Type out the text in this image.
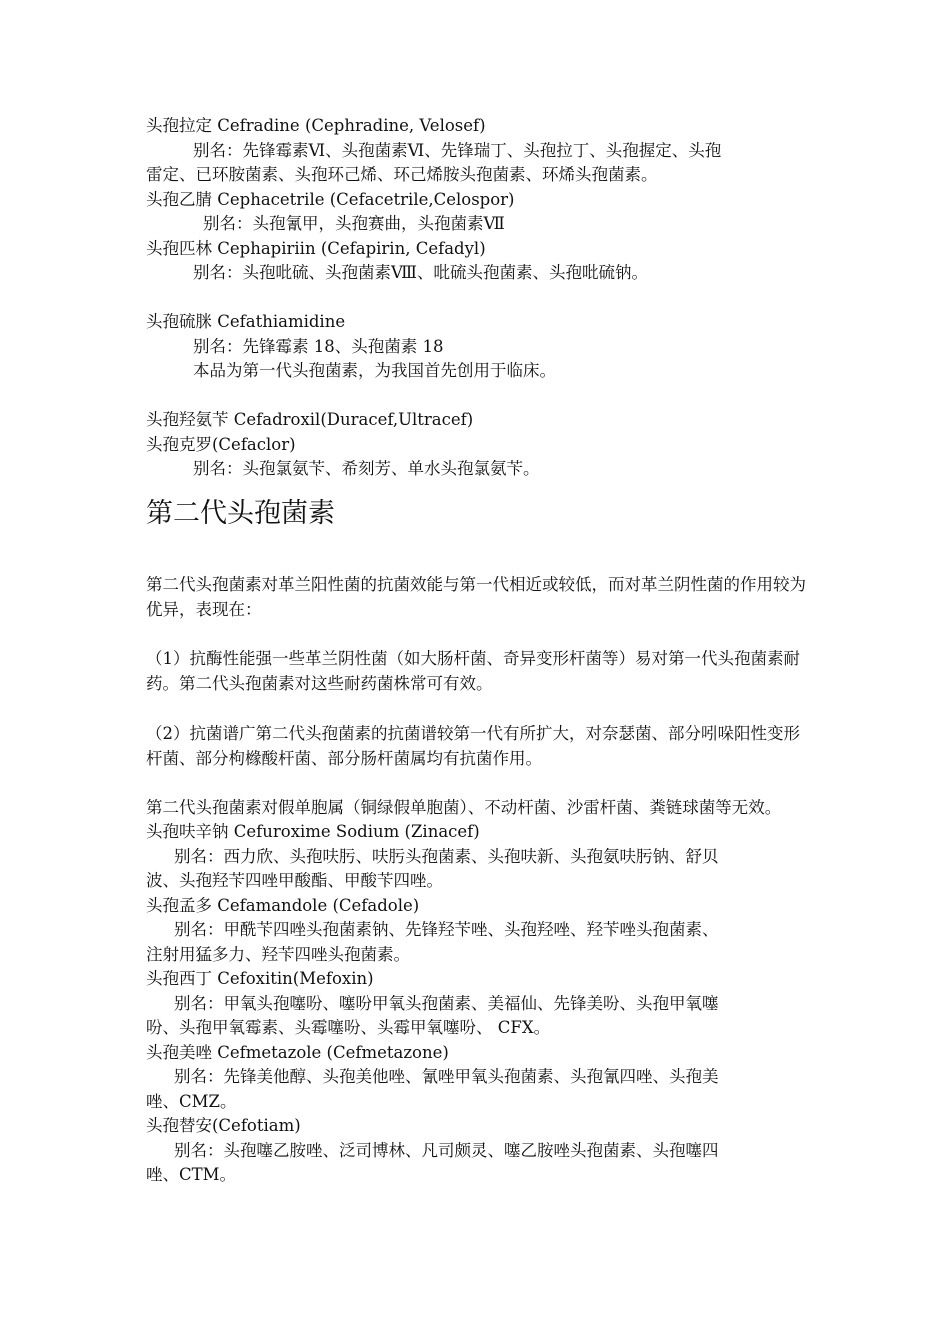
头孢拉定 Cefradine (Cephradine, Velosef)
别名：先锋霉素Ⅵ、头孢菌素Ⅵ、先锋瑞丁、头孢拉丁、头孢握定、头孢
雷定、已环胺菌素、头孢环己烯、环己烯胺头孢菌素、环烯头孢菌素。
头孢乙腈 Cephacetrile (Cefacetrile,Celospor)
别名：头孢氰甲，头孢赛曲，头孢菌素Ⅶ
头孢匹林 Cephapiriin (Cefapirin, Cefadyl)
别名：头孢吡硫、头孢菌素Ⅷ、吡硫头孢菌素、头孢吡硫钠。
头孢硫脒 Cefathiamidine
别名：先锋霉素 18、头孢菌素 18
本品为第一代头孢菌素，为我国首先创用于临床。
头孢羟氨苄 Cefadroxil(Duracef,Ultracef)
头孢克罗(Cefaclor)
别名：头孢氯氨苄、希刻芳、单水头孢氯氨苄。
第二代头孢菌素
第二代头孢菌素对革兰阳性菌的抗菌效能与第一代相近或较低，而对革兰阴性菌的作用较为优异，表现在：
（1）抗酶性能强一些革兰阴性菌（如大肠杆菌、奇异变形杆菌等）易对第一代头孢菌素耐药。第二代头孢菌素对这些耐药菌株常可有效。
（2）抗菌谱广第二代头孢菌素的抗菌谱较第一代有所扩大，对奈瑟菌、部分吲哚阳性变形杆菌、部分枸橼酸杆菌、部分肠杆菌属均有抗菌作用。
第二代头孢菌素对假单胞属（铜绿假单胞菌）、不动杆菌、沙雷杆菌、粪链球菌等无效。
头孢呋辛钠 Cefuroxime Sodium (Zinacef)
别名：西力欣、头孢呋肟、呋肟头孢菌素、头孢呋新、头孢氨呋肟钠、舒贝
波、头孢羟苄四唑甲酸酯、甲酸苄四唑。
头孢孟多 Cefamandole (Cefadole)
别名：甲酰苄四唑头孢菌素钠、先锋羟苄唑、头孢羟唑、羟苄唑头孢菌素、
注射用猛多力、羟苄四唑头孢菌素。
头孢西丁 Cefoxitin(Mefoxin)
别名：甲氧头孢噻吩、噻吩甲氧头孢菌素、美福仙、先锋美吩、头孢甲氧噻
吩、头孢甲氧霉素、头霉噻吩、头霉甲氧噻吩、 CFX。
头孢美唑 Cefmetazole (Cefmetazone)
别名：先锋美他醇、头孢美他唑、氰唑甲氧头孢菌素、头孢氰四唑、头孢美
唑、CMZ。
头孢替安(Cefotiam)
别名：头孢噻乙胺唑、泛司博林、凡司颇灵、噻乙胺唑头孢菌素、头孢噻四
唑、CTM。
